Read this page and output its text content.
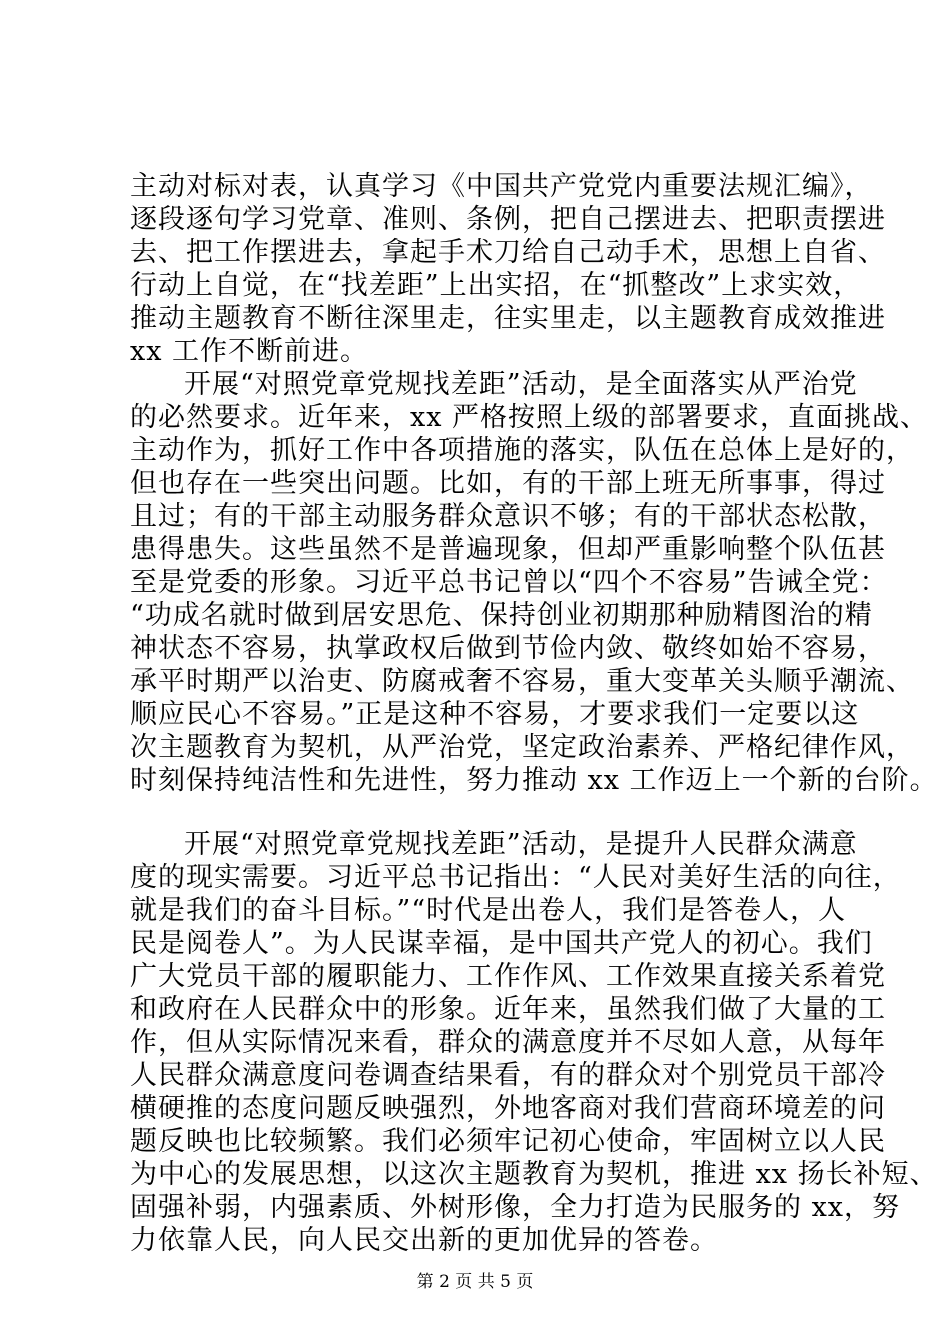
主动对标对表，认真学习《中国共产党党内重要法规汇编》，
逐段逐句学习党章、准则、条例，把自己摆进去、把职责摆进
去、把工作摆进去，拿起手术刀给自己动手术，思想上自省、
行动上自觉，在“找差距”上出实招，在“抓整改”上求实效，
推动主题教育不断往深里走，往实里走，以主题教育成效推进
xx 工作不断前进。
开展“对照党章党规找差距”活动，是全面落实从严治党
的必然要求。近年来，xx 严格按照上级的部署要求，直面挑战、
主动作为，抓好工作中各项措施的落实，队伍在总体上是好的，
但也存在一些突出问题。比如，有的干部上班无所事事，得过
且过；有的干部主动服务群众意识不够；有的干部状态松散，
患得患失。这些虽然不是普遍现象，但却严重影响整个队伍甚
至是党委的形象。习近平总书记曾以“四个不容易”告诫全党：
“功成名就时做到居安思危、保持创业初期那种励精图治的精
神状态不容易，执掌政权后做到节俭内敛、敬终如始不容易，
承平时期严以治吏、防腐戒奢不容易，重大变革关头顺乎潮流、
顺应民心不容易。”正是这种不容易，才要求我们一定要以这
次主题教育为契机，从严治党，坚定政治素养、严格纪律作风，
时刻保持纯洁性和先进性，努力推动 xx 工作迈上一个新的台阶。
开展“对照党章党规找差距”活动，是提升人民群众满意
度的现实需要。习近平总书记指出：“人民对美好生活的向往，
就是我们的奋斗目标。”“时代是出卷人，我们是答卷人，人
民是阅卷人”。为人民谋幸福，是中国共产党人的初心。我们
广大党员干部的履职能力、工作作风、工作效果直接关系着党
和政府在人民群众中的形象。近年来，虽然我们做了大量的工
作，但从实际情况来看，群众的满意度并不尽如人意，从每年
人民群众满意度问卷调查结果看，有的群众对个别党员干部冷
横硬推的态度问题反映强烈，外地客商对我们营商环境差的问
题反映也比较频繁。我们必须牢记初心使命，牢固树立以人民
为中心的发展思想，以这次主题教育为契机，推进 xx 扬长补短、
固强补弱，内强素质、外树形像，全力打造为民服务的 xx，努
力依靠人民，向人民交出新的更加优异的答卷。
第 2 页 共 5 页
